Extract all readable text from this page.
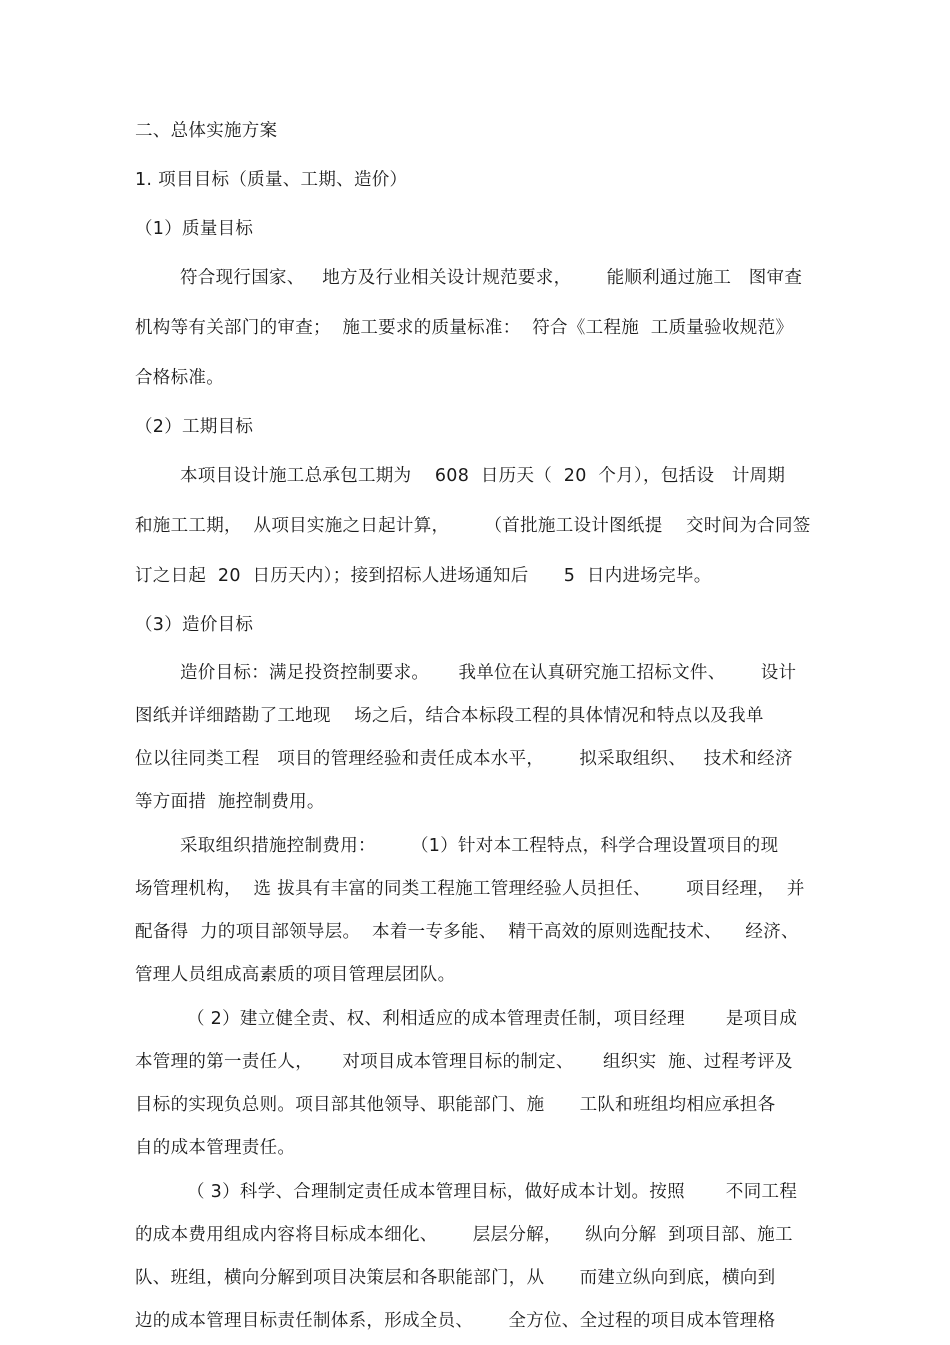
二、总体实施方案
1. 项目目标（质量、工期、造价）
（1）质量目标
符合现行国家、   地方及行业相关设计规范要求，      能顺利通过施工   图审查
机构等有关部门的审查；  施工要求的质量标准：  符合《工程施  工质量验收规范》
合格标准。
（2）工期目标
本项目设计施工总承包工期为    608  日历天（  20  个月），包括设   计周期
和施工工期，  从项目实施之日起计算，      （首批施工设计图纸提    交时间为合同签
订之日起  20  日历天内）；接到招标人进场通知后      5  日内进场完毕。
（3）造价目标
造价目标：满足投资控制要求。     我单位在认真研究施工招标文件、      设计
图纸并详细踏勘了工地现    场之后，结合本标段工程的具体情况和特点以及我单
位以往同类工程   项目的管理经验和责任成本水平，      拟采取组织、   技术和经济
等方面措  施控制费用。
采取组织措施控制费用：      （1）针对本工程特点，科学合理设置项目的现
场管理机构，  选 拔具有丰富的同类工程施工管理经验人员担任、      项目经理，  并
配备得  力的项目部领导层。  本着一专多能、  精干高效的原则选配技术、    经济、
管理人员组成高素质的项目管理层团队。
（ 2）建立健全责、权、利相适应的成本管理责任制，项目经理       是项目成
本管理的第一责任人，     对项目成本管理目标的制定、     组织实  施、过程考评及
目标的实现负总则。项目部其他领导、职能部门、施      工队和班组均相应承担各
自的成本管理责任。
（ 3）科学、合理制定责任成本管理目标，做好成本计划。按照       不同工程
的成本费用组成内容将目标成本细化、      层层分解，    纵向分解  到项目部、施工
队、班组，横向分解到项目决策层和各职能部门，从      而建立纵向到底，横向到
边的成本管理目标责任制体系，形成全员、      全方位、全过程的项目成本管理格
